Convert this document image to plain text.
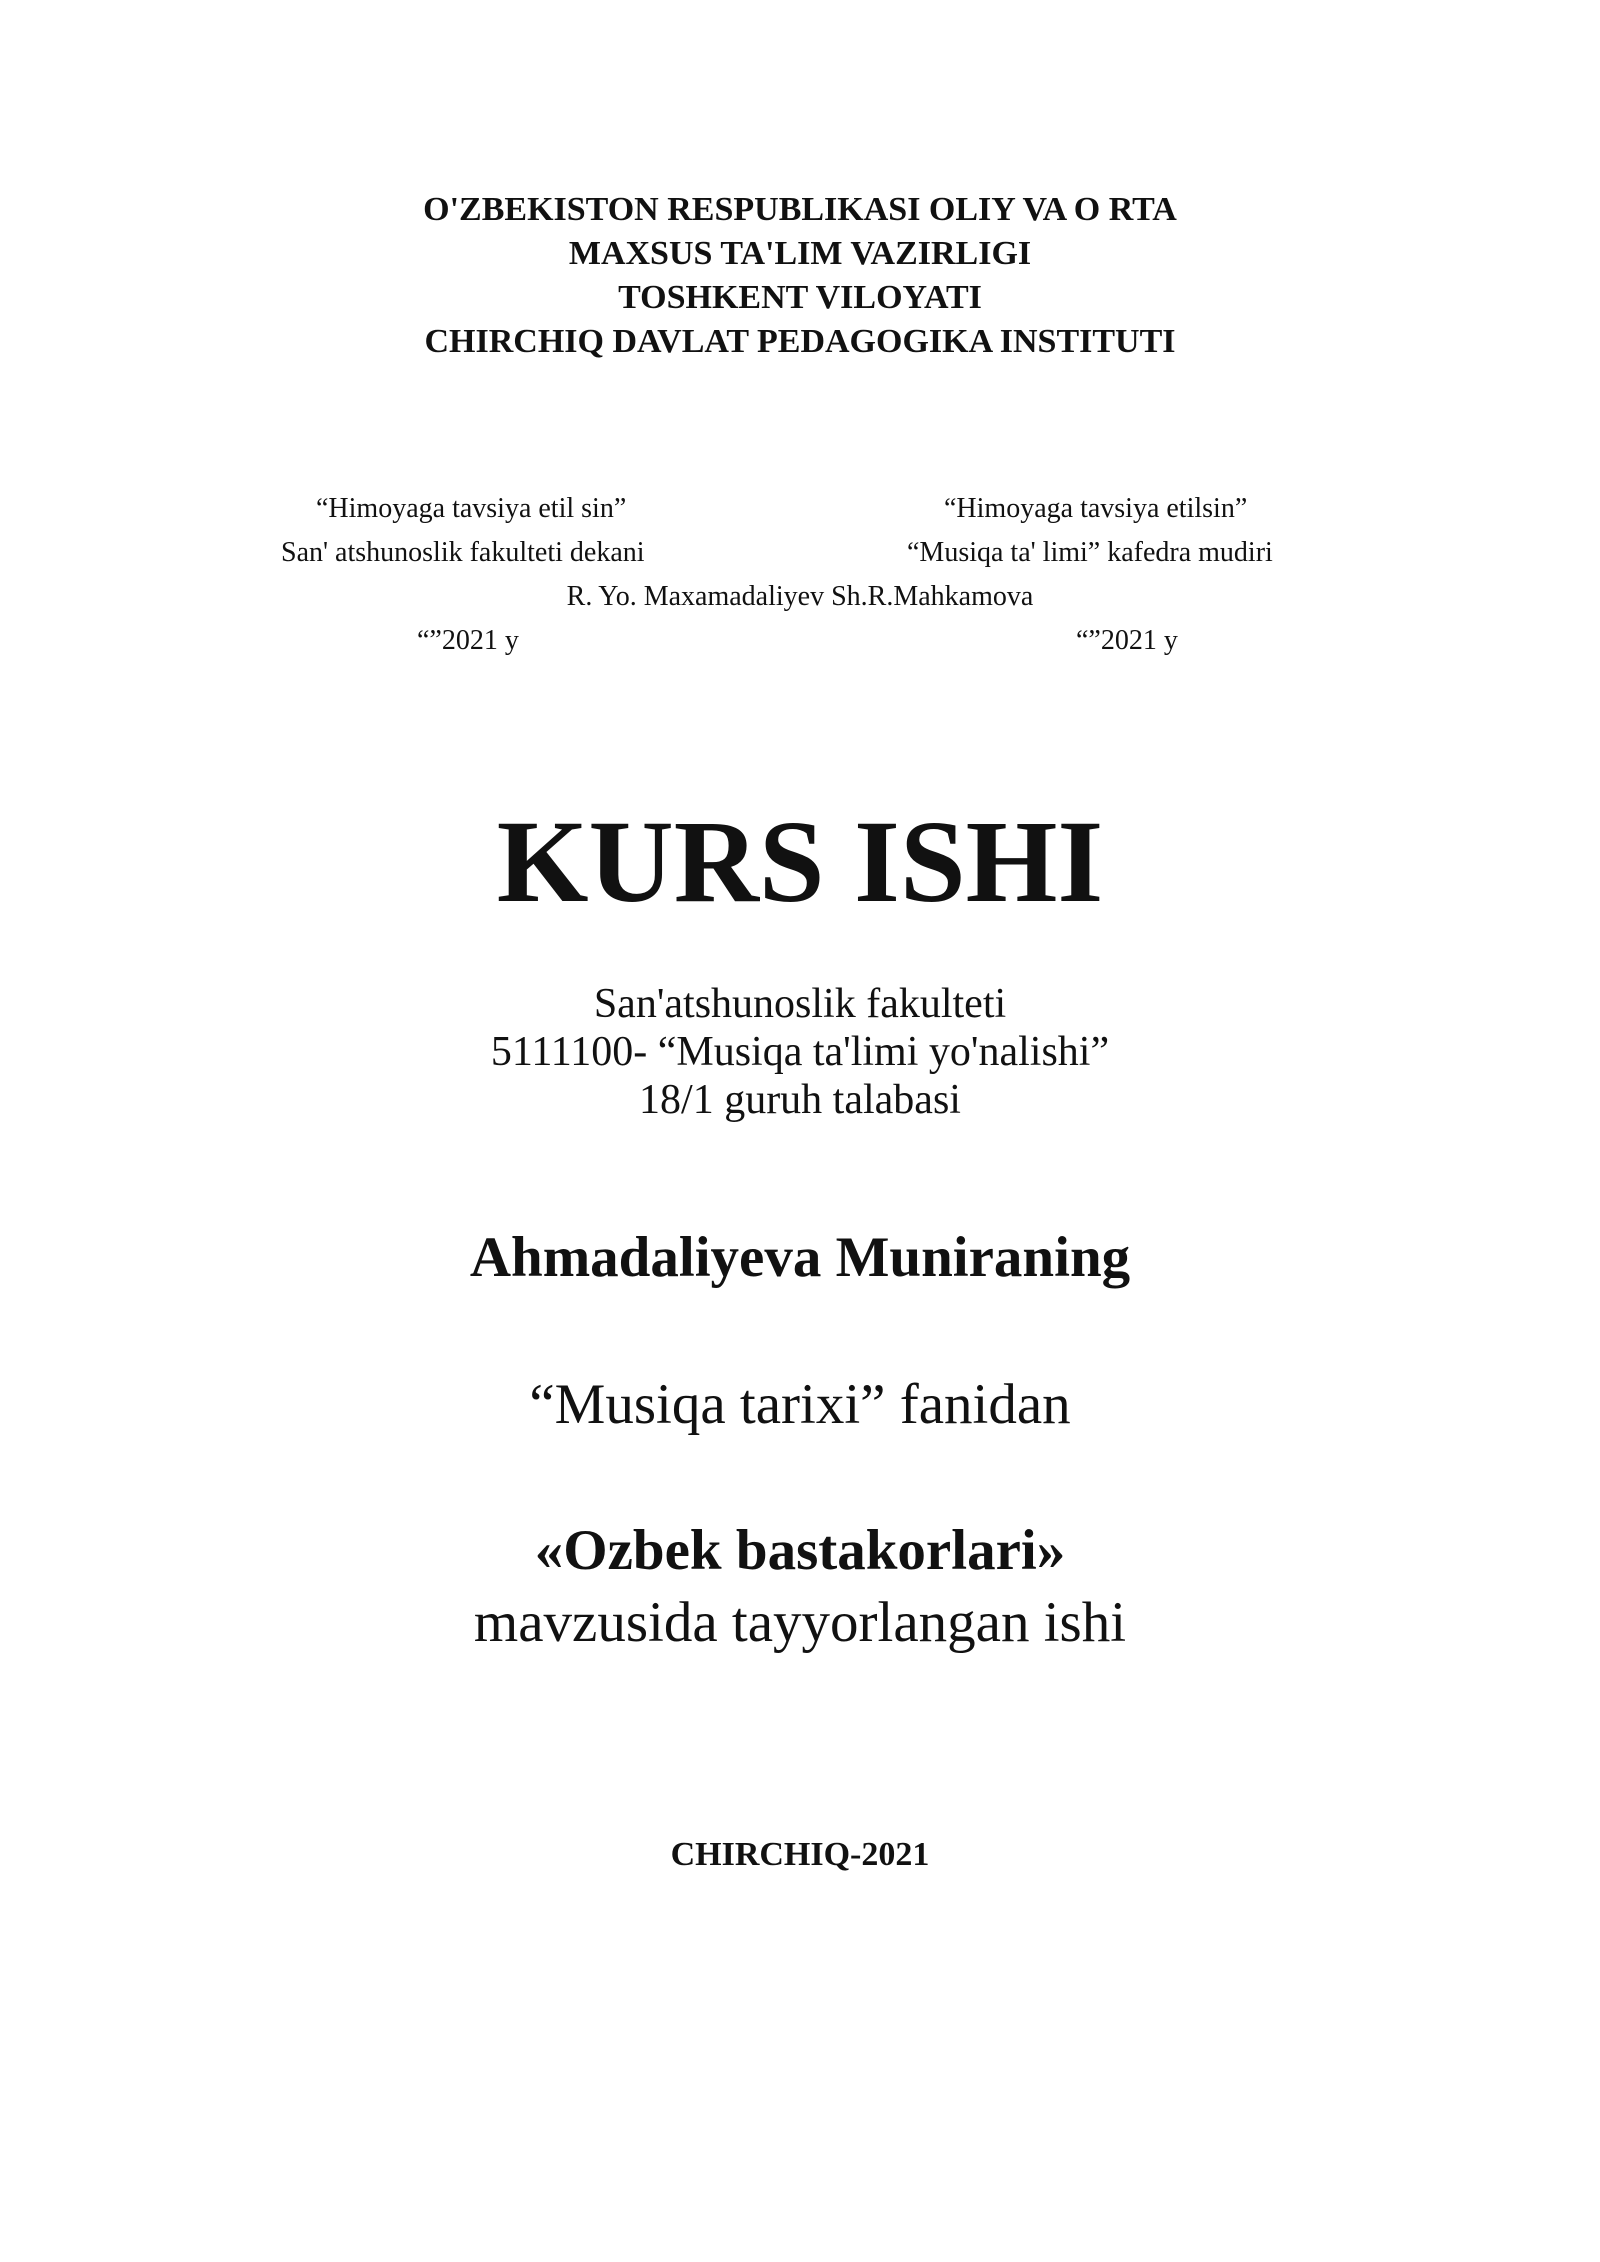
O'ZBEKISTON RESPUBLIKASI OLIY VA O RTA
MAXSUS TA'LIM VAZIRLIGI
TOSHKENT VILOYATI
CHIRCHIQ DAVLAT PEDAGOGIKA INSTITUTI
“Himoyaga tavsiya etil sin”
San' atshunoslik fakulteti dekani
“”2021 y
“Himoyaga tavsiya etilsin”
“Musiqa ta' limi” kafedra mudiri
“”2021 y
R. Yo. Maxamadaliyev Sh.R.Mahkamova
KURS ISHI
San'atshunoslik fakulteti
5111100- “Musiqa ta'limi yo'nalishi”
18/1 guruh talabasi
Ahmadaliyeva Muniraning
“Musiqa tarixi” fanidan
«Ozbek bastakorlari»
mavzusida tayyorlangan ishi
CHIRCHIQ-2021
